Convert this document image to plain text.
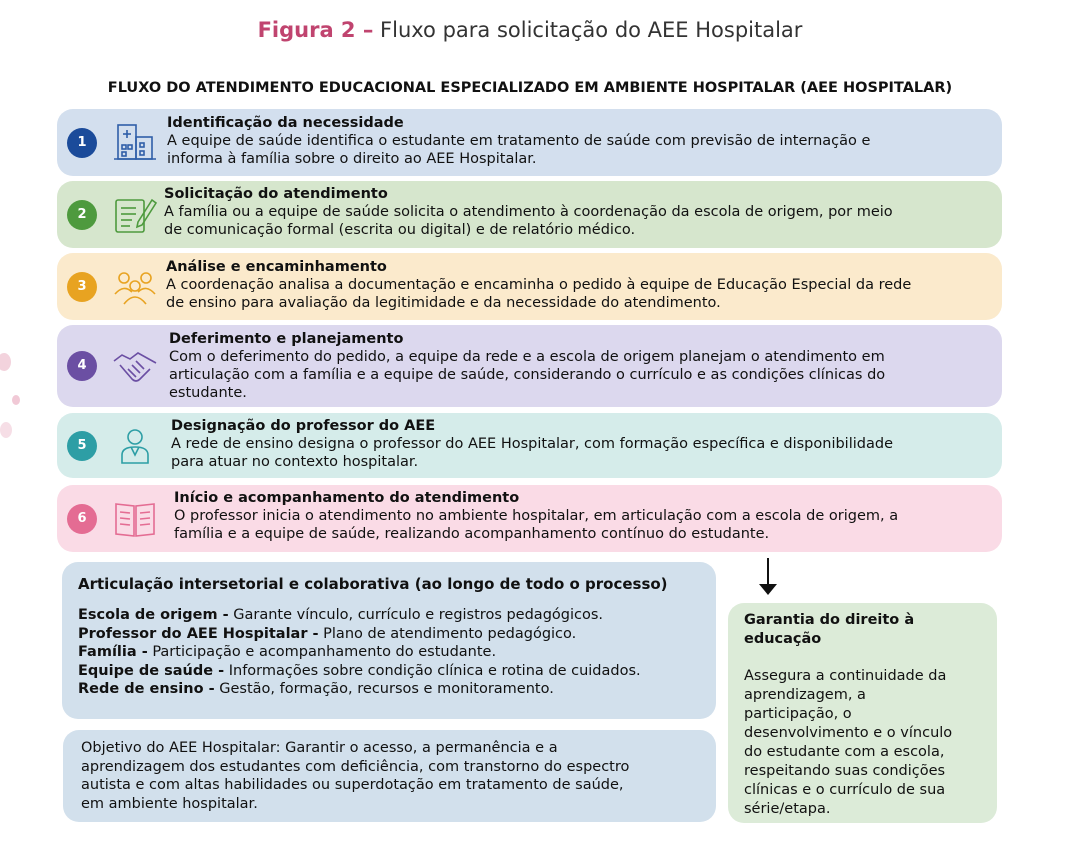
Figura 2 – Fluxo para solicitação do AEE Hospitalar
FLUXO DO ATENDIMENTO EDUCACIONAL ESPECIALIZADO EM AMBIENTE HOSPITALAR (AEE HOSPITALAR)
1
Identificação da necessidade
A equipe de saúde identifica o estudante em tratamento de saúde com previsão de internação e
informa à família sobre o direito ao AEE Hospitalar.
2
Solicitação do atendimento
A família ou a equipe de saúde solicita o atendimento à coordenação da escola de origem, por meio
de comunicação formal (escrita ou digital) e de relatório médico.
3
Análise e encaminhamento
A coordenação analisa a documentação e encaminha o pedido à equipe de Educação Especial da rede
de ensino para avaliação da legitimidade e da necessidade do atendimento.
4
Deferimento e planejamento
Com o deferimento do pedido, a equipe da rede e a escola de origem planejam o atendimento em
articulação com a família e a equipe de saúde, considerando o currículo e as condições clínicas do
estudante.
5
Designação do professor do AEE
A rede de ensino designa o professor do AEE Hospitalar, com formação específica e disponibilidade
para atuar no contexto hospitalar.
6
Início e acompanhamento do atendimento
O professor inicia o atendimento no ambiente hospitalar, em articulação com a escola de origem, a
família e a equipe de saúde, realizando acompanhamento contínuo do estudante.
Articulação intersetorial e colaborativa (ao longo de todo o processo)
Escola de origem - Garante vínculo, currículo e registros pedagógicos.
Professor do AEE Hospitalar - Plano de atendimento pedagógico.
Família - Participação e acompanhamento do estudante.
Equipe de saúde - Informações sobre condição clínica e rotina de cuidados.
Rede de ensino - Gestão, formação, recursos e monitoramento.
Objetivo do AEE Hospitalar: Garantir o acesso, a permanência e a
aprendizagem dos estudantes com deficiência, com transtorno do espectro
autista e com altas habilidades ou superdotação em tratamento de saúde,
em ambiente hospitalar.
Garantia do direito à
educação
Assegura a continuidade da
aprendizagem, a
participação, o
desenvolvimento e o vínculo
do estudante com a escola,
respeitando suas condições
clínicas e o currículo de sua
série/etapa.
